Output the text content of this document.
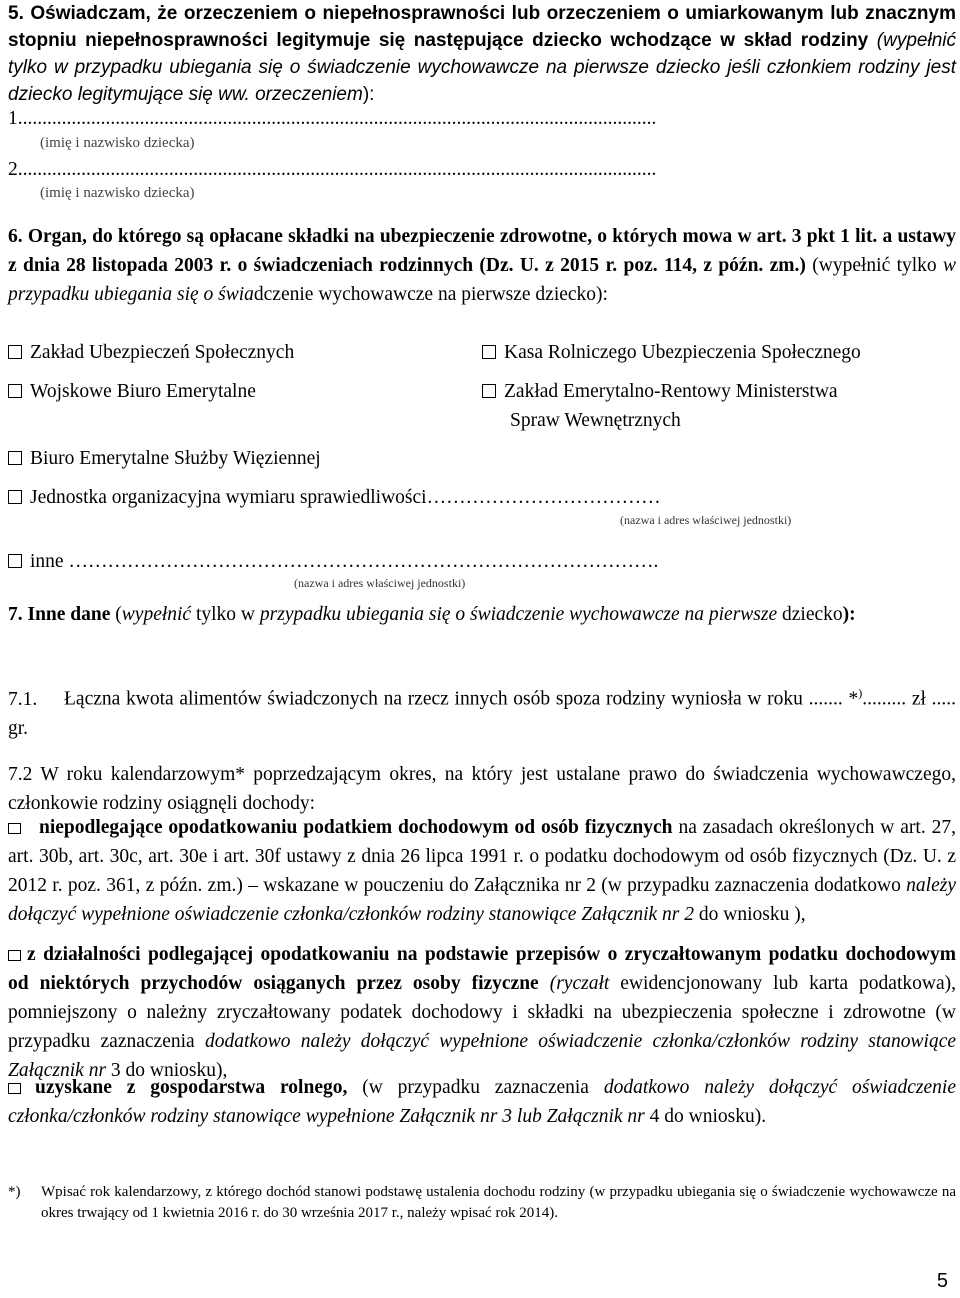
5. Oświadczam, że orzeczeniem o niepełnosprawności lub orzeczeniem o umiarkowanym lub znacznym stopniu niepełnosprawności legitymuje się następujące dziecko wchodzące w skład rodziny (wypełnić tylko w przypadku ubiegania się o świadczenie wychowawcze na pierwsze dziecko jeśli członkiem rodziny jest dziecko legitymujące się ww. orzeczeniem):

1...................................................................................................................................
(imię i nazwisko dziecka)
2...................................................................................................................................
(imię i nazwisko dziecka)

6. Organ, do którego są opłacane składki na ubezpieczenie zdrowotne, o których mowa w art. 3 pkt 1 lit. a ustawy z dnia 28 listopada 2003 r. o świadczeniach rodzinnych (Dz. U. z 2015 r. poz. 114, z późn. zm.) (wypełnić tylko w przypadku ubiegania się o świadczenie wychowawcze na pierwsze dziecko):

Zakład Ubezpieczeń Społecznych	Kasa Rolniczego Ubezpieczenia Społecznego
Wojskowe Biuro Emerytalne	Zakład Emerytalno-Rentowy Ministerstwa
Spraw Wewnętrznych
Biuro Emerytalne Służby Więziennej
Jednostka organizacyjna wymiaru sprawiedliwości………………………………
(nazwa i adres właściwej jednostki)
inne ……………………………………………………………………………….
(nazwa i adres właściwej jednostki)

7. Inne dane (wypełnić tylko w przypadku ubiegania się o świadczenie wychowawcze na pierwsze dziecko):

7.1. Łączna kwota alimentów świadczonych na rzecz innych osób spoza rodziny wyniosła w roku ....... *)......... zł ..... gr.

7.2 W roku kalendarzowym* poprzedzającym okres, na który jest ustalane prawo do świadczenia wychowawczego, członkowie rodziny osiągnęli dochody:

niepodlegające opodatkowaniu podatkiem dochodowym od osób fizycznych na zasadach określonych w art. 27, art. 30b, art. 30c, art. 30e i art. 30f ustawy z dnia 26 lipca 1991 r. o podatku dochodowym od osób fizycznych (Dz. U. z 2012 r. poz. 361, z późn. zm.) – wskazane w pouczeniu do Załącznika nr 2 (w przypadku zaznaczenia dodatkowo należy dołączyć wypełnione oświadczenie członka/członków rodziny stanowiące Załącznik nr 2 do wniosku ),

z działalności podlegającej opodatkowaniu na podstawie przepisów o zryczałtowanym podatku dochodowym od niektórych przychodów osiąganych przez osoby fizyczne (ryczałt ewidencjonowany lub karta podatkowa), pomniejszony o należny zryczałtowany podatek dochodowy i składki na ubezpieczenia społeczne i zdrowotne (w przypadku zaznaczenia dodatkowo należy dołączyć wypełnione oświadczenie członka/członków rodziny stanowiące Załącznik nr 3 do wniosku),

uzyskane z gospodarstwa rolnego, (w przypadku zaznaczenia dodatkowo należy dołączyć oświadczenie członka/członków rodziny stanowiące wypełnione Załącznik nr 3 lub Załącznik nr 4 do wniosku).

*)	Wpisać rok kalendarzowy, z którego dochód stanowi podstawę ustalenia dochodu rodziny (w przypadku ubiegania się o świadczenie wychowawcze na okres trwający od 1 kwietnia 2016 r. do 30 września 2017 r., należy wpisać rok 2014).
5
